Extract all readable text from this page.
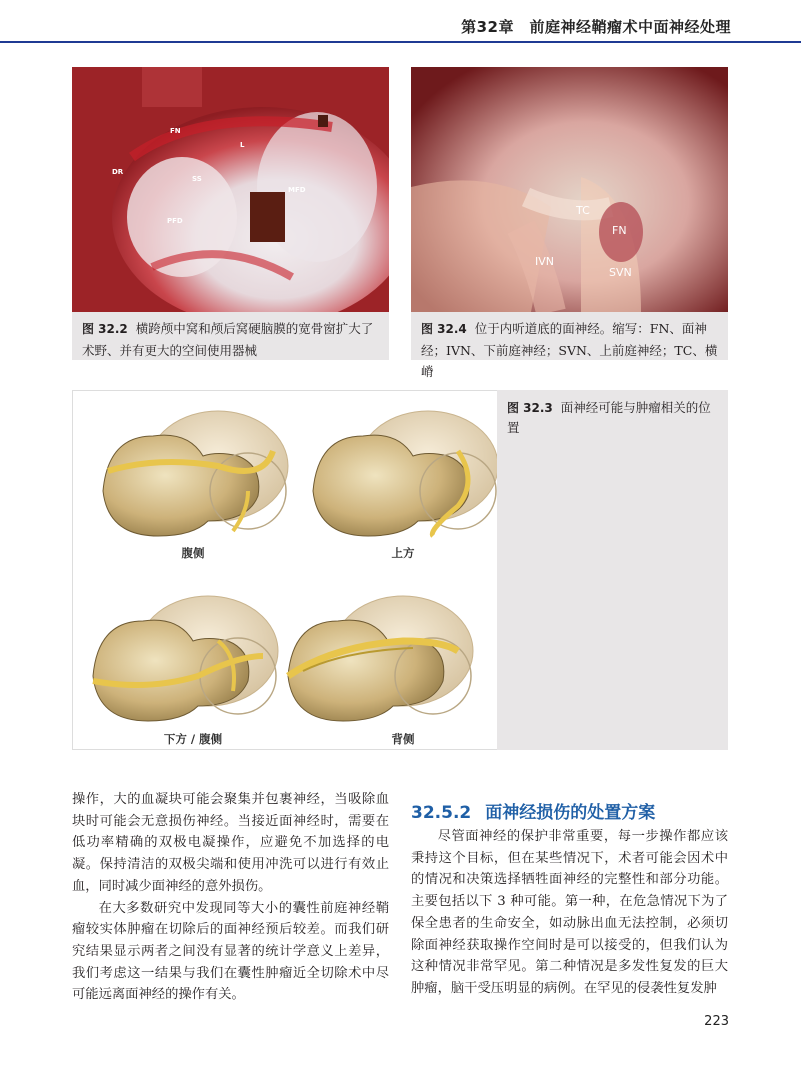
第32章　前庭神经鞘瘤术中面神经处理
FN
L
DR
SS
MFD
PFD
图 32.2 横跨颅中窝和颅后窝硬脑膜的宽骨窗扩大了术野、并有更大的空间使用器械
TC
FN
IVN
SVN
图 32.4 位于内听道底的面神经。缩写：FN、面神经；IVN、下前庭神经；SVN、上前庭神经；TC、横嵴
腹侧	上方
下方 / 腹侧	背侧
图 32.3 面神经可能与肿瘤相关的位置

操作，大的血凝块可能会聚集并包裹神经，当吸除血块时可能会无意损伤神经。当接近面神经时，需要在低功率精确的双极电凝操作，应避免不加选择的电凝。保持清洁的双极尖端和使用冲洗可以进行有效止血，同时减少面神经的意外损伤。

在大多数研究中发现同等大小的囊性前庭神经鞘瘤较实体肿瘤在切除后的面神经预后较差。而我们研究结果显示两者之间没有显著的统计学意义上差异，我们考虑这一结果与我们在囊性肿瘤近全切除术中尽可能远离面神经的操作有关。

32.5.2 面神经损伤的处置方案

尽管面神经的保护非常重要，每一步操作都应该秉持这个目标，但在某些情况下，术者可能会因术中的情况和决策选择牺牲面神经的完整性和部分功能。主要包括以下 3 种可能。第一种，在危急情况下为了保全患者的生命安全，如动脉出血无法控制，必须切除面神经获取操作空间时是可以接受的，但我们认为这种情况非常罕见。第二种情况是多发性复发的巨大肿瘤，脑干受压明显的病例。在罕见的侵袭性复发肿

223
